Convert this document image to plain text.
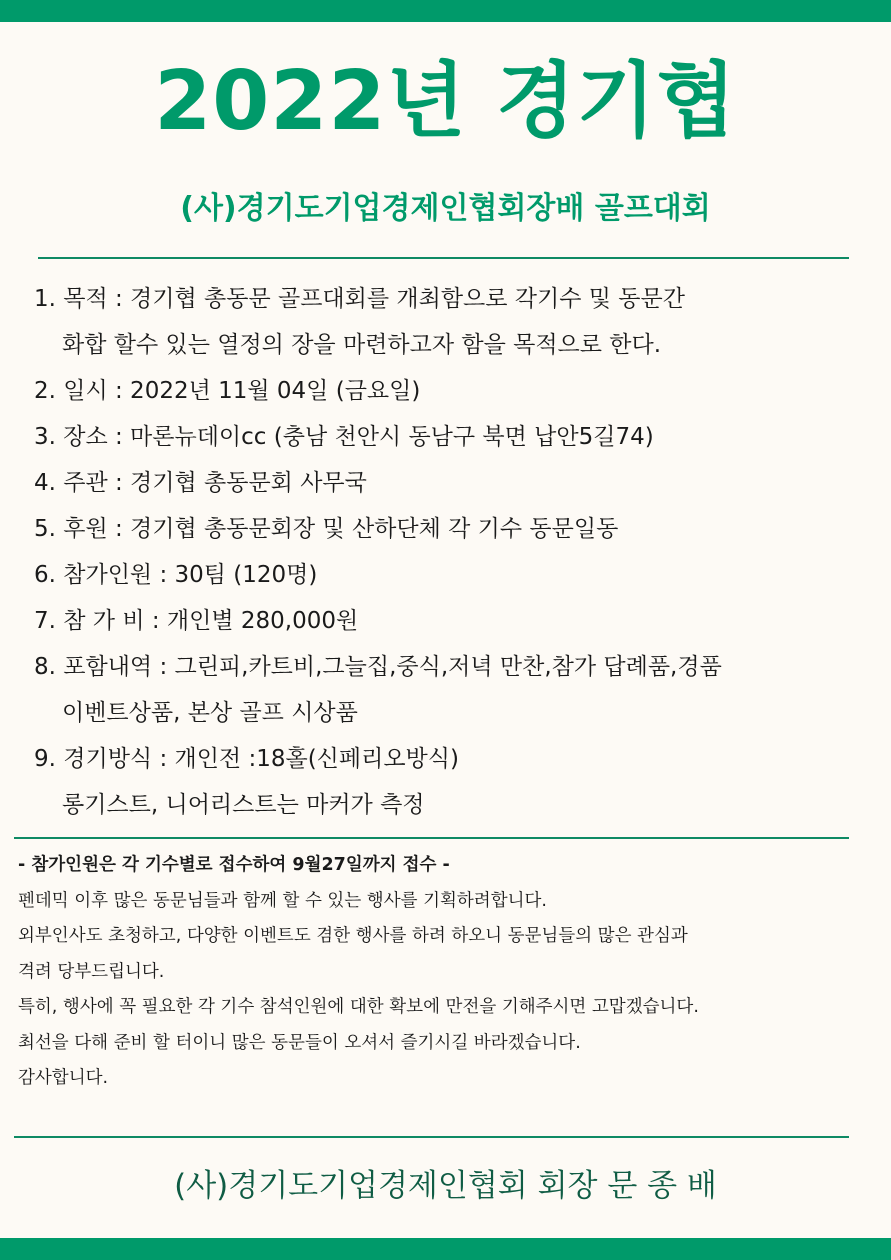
2022년 경기협
(사)경기도기업경제인협회장배 골프대회
1. 목적 : 경기협 총동문 골프대회를 개최함으로 각기수 및 동문간
화합 할수 있는 열정의 장을 마련하고자 함을 목적으로 한다.
2. 일시 : 2022년 11월 04일 (금요일)
3. 장소 : 마론뉴데이cc (충남 천안시 동남구 북면 납안5길74)
4. 주관 : 경기협 총동문회 사무국
5. 후원 : 경기협 총동문회장 및 산하단체 각 기수 동문일동
6. 참가인원 : 30팀 (120명)
7. 참 가 비 : 개인별 280,000원
8. 포함내역 : 그린피,카트비,그늘집,중식,저녁 만찬,참가 답례품,경품
이벤트상품, 본상 골프 시상품
9. 경기방식 : 개인전 :18홀(신페리오방식)
롱기스트, 니어리스트는 마커가 측정
- 참가인원은 각 기수별로 접수하여 9월27일까지 접수 -
펜데믹 이후 많은 동문님들과 함께 할 수 있는 행사를 기획하려합니다.
외부인사도 초청하고, 다양한 이벤트도 겸한 행사를 하려 하오니 동문님들의 많은 관심과
격려 당부드립니다.
특히, 행사에 꼭 필요한 각 기수 참석인원에 대한 확보에 만전을 기해주시면 고맙겠습니다.
최선을 다해 준비 할 터이니 많은 동문들이 오셔서 즐기시길 바라겠습니다.
감사합니다.
(사)경기도기업경제인협회 회장 문 종 배
